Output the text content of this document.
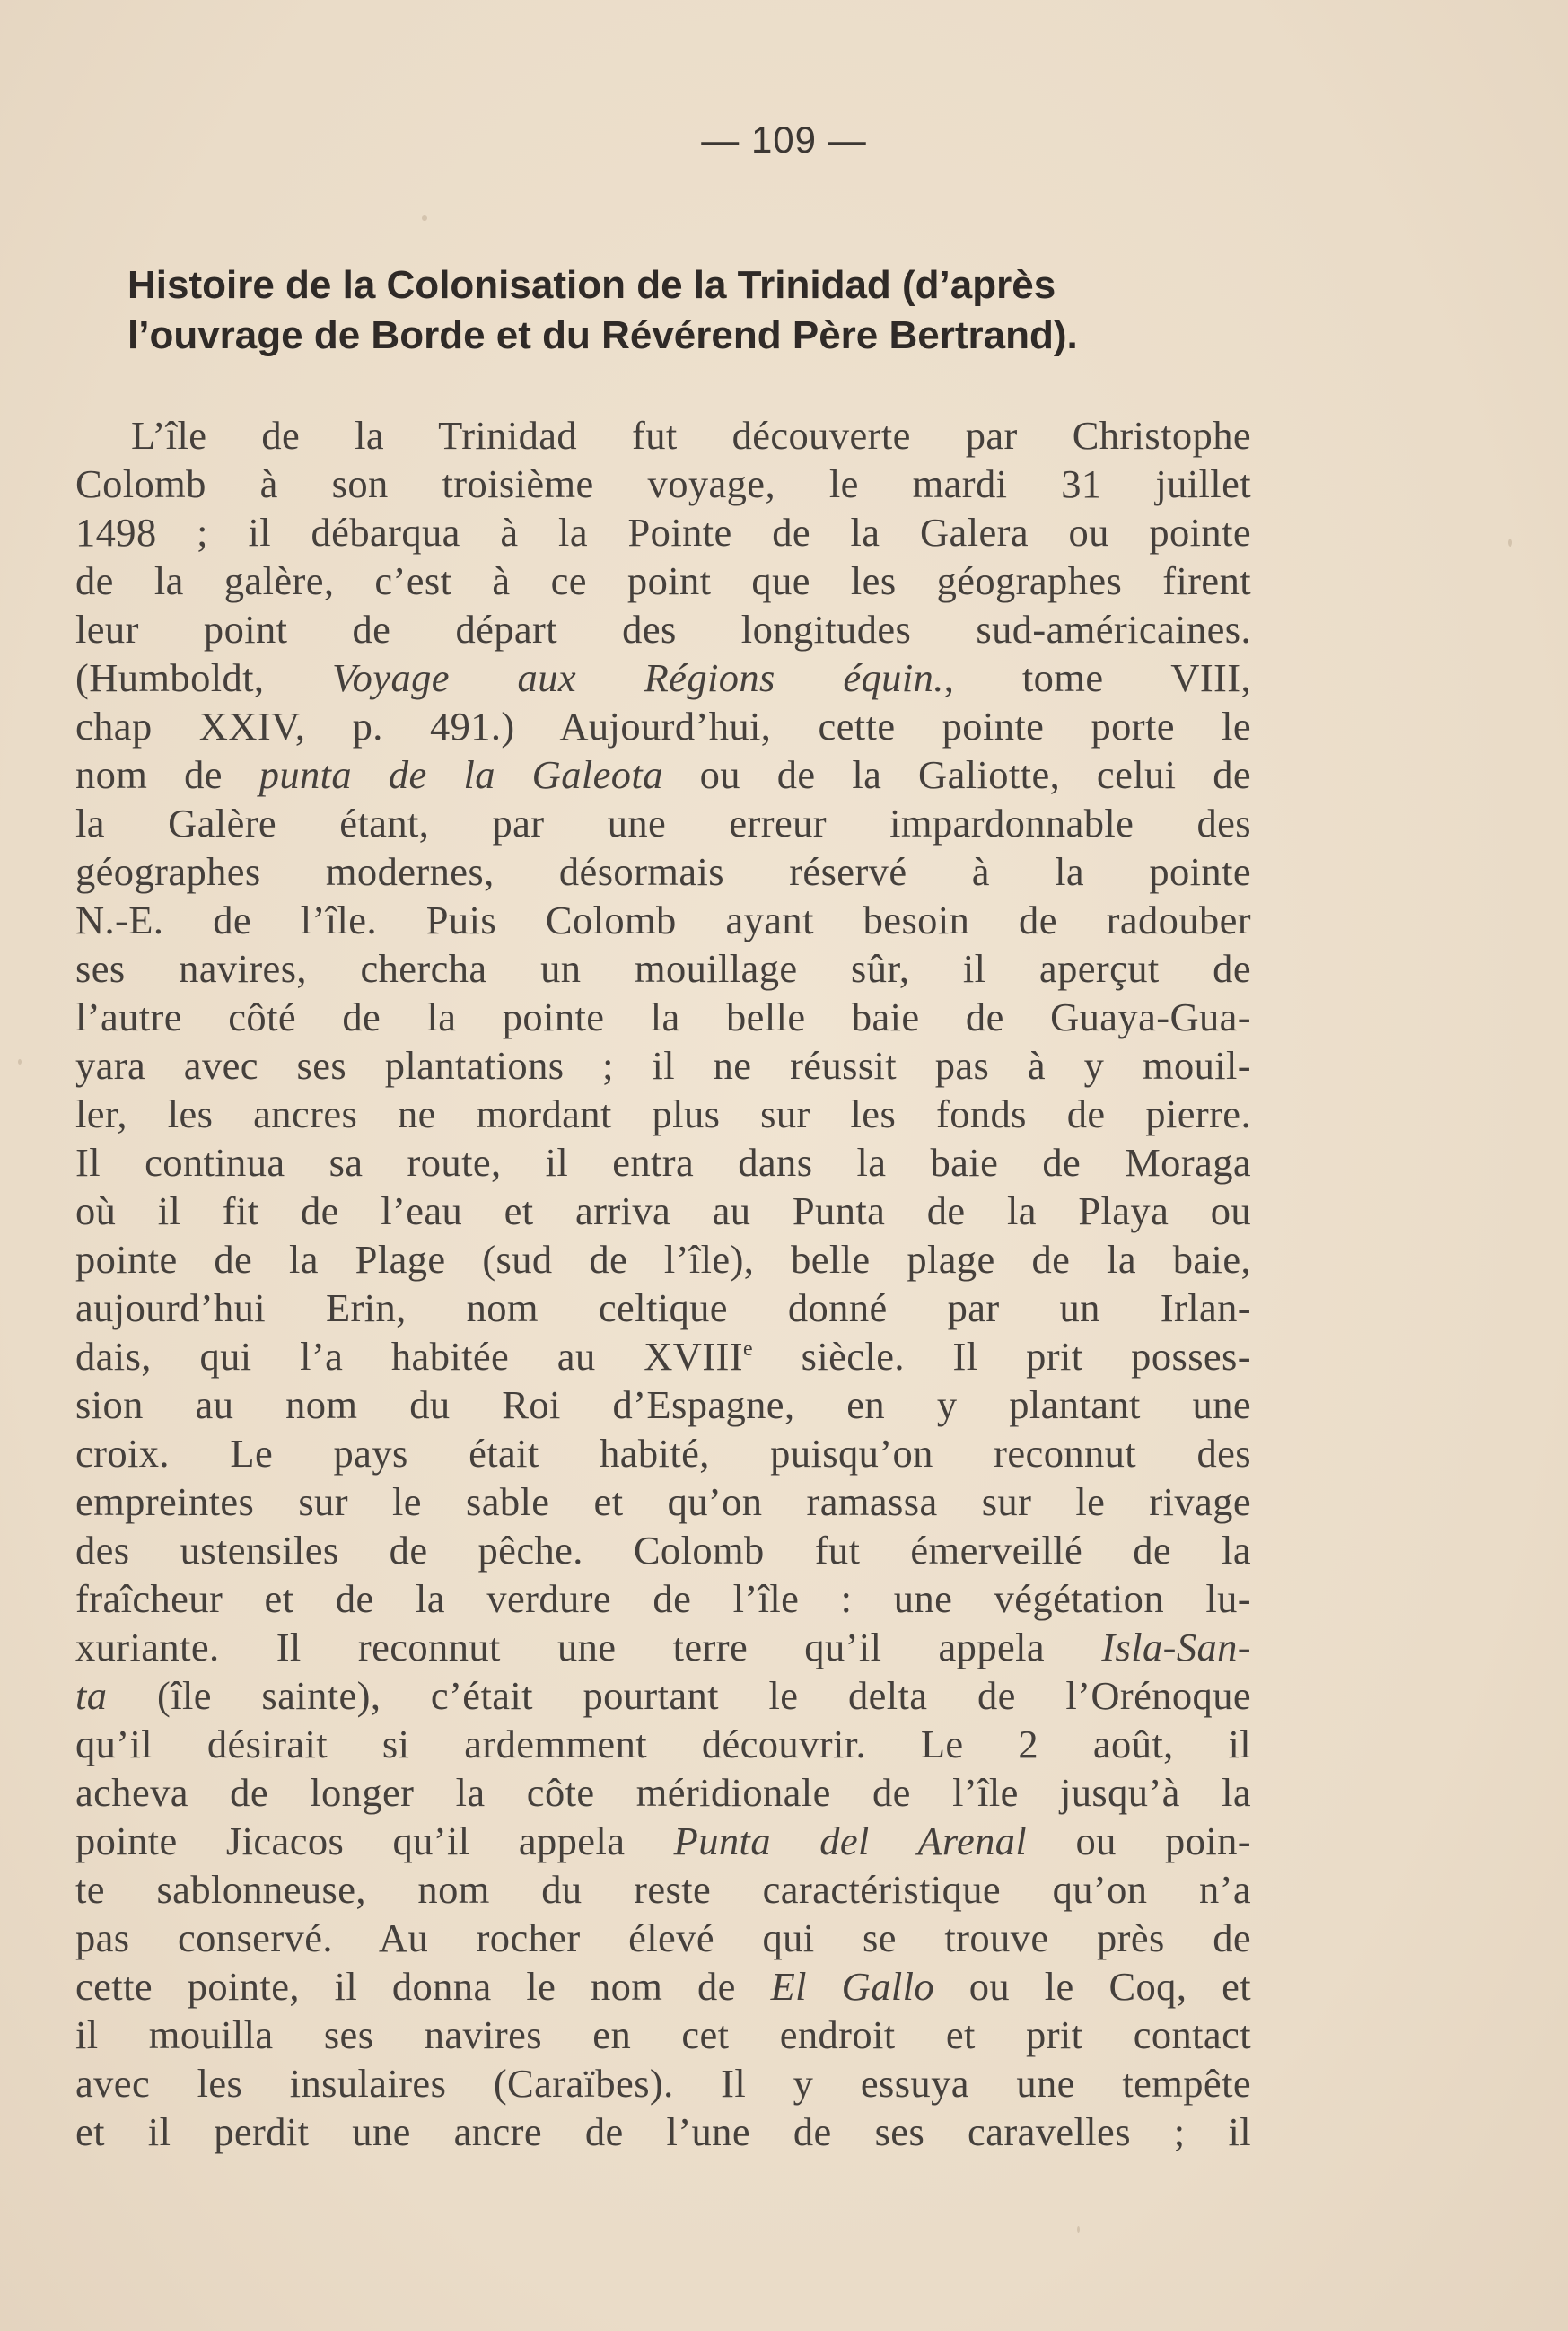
— 109 —
Histoire de la Colonisation de la Trinidad (d’après
l’ouvrage de Borde et du Révérend Père Bertrand).
L’île de la Trinidad fut découverte par Christophe
Colomb à son troisième voyage, le mardi 31 juillet
1498 ; il débarqua à la Pointe de la Galera ou pointe
de la galère, c’est à ce point que les géographes firent
leur point de départ des longitudes sud-américaines.
(Humboldt, Voyage aux Régions équin., tome VIII,
chap XXIV, p. 491.) Aujourd’hui, cette pointe porte le
nom de punta de la Galeota ou de la Galiotte, celui de
la Galère étant, par une erreur impardonnable des
géographes modernes, désormais réservé à la pointe
N.-E. de l’île. Puis Colomb ayant besoin de radouber
ses navires, chercha un mouillage sûr, il aperçut de
l’autre côté de la pointe la belle baie de Guaya-Gua-
yara avec ses plantations ; il ne réussit pas à y mouil-
ler, les ancres ne mordant plus sur les fonds de pierre.
Il continua sa route, il entra dans la baie de Moraga
où il fit de l’eau et arriva au Punta de la Playa ou
pointe de la Plage (sud de l’île), belle plage de la baie,
aujourd’hui Erin, nom celtique donné par un Irlan-
dais, qui l’a habitée au XVIIIe siècle. Il prit posses-
sion au nom du Roi d’Espagne, en y plantant une
croix. Le pays était habité, puisqu’on reconnut des
empreintes sur le sable et qu’on ramassa sur le rivage
des ustensiles de pêche. Colomb fut émerveillé de la
fraîcheur et de la verdure de l’île : une végétation lu-
xuriante. Il reconnut une terre qu’il appela Isla-San-
ta (île sainte), c’était pourtant le delta de l’Orénoque
qu’il désirait si ardemment découvrir. Le 2 août, il
acheva de longer la côte méridionale de l’île jusqu’à la
pointe Jicacos qu’il appela Punta del Arenal ou poin-
te sablonneuse, nom du reste caractéristique qu’on n’a
pas conservé. Au rocher élevé qui se trouve près de
cette pointe, il donna le nom de El Gallo ou le Coq, et
il mouilla ses navires en cet endroit et prit contact
avec les insulaires (Caraïbes). Il y essuya une tempête
et il perdit une ancre de l’une de ses caravelles ; il
